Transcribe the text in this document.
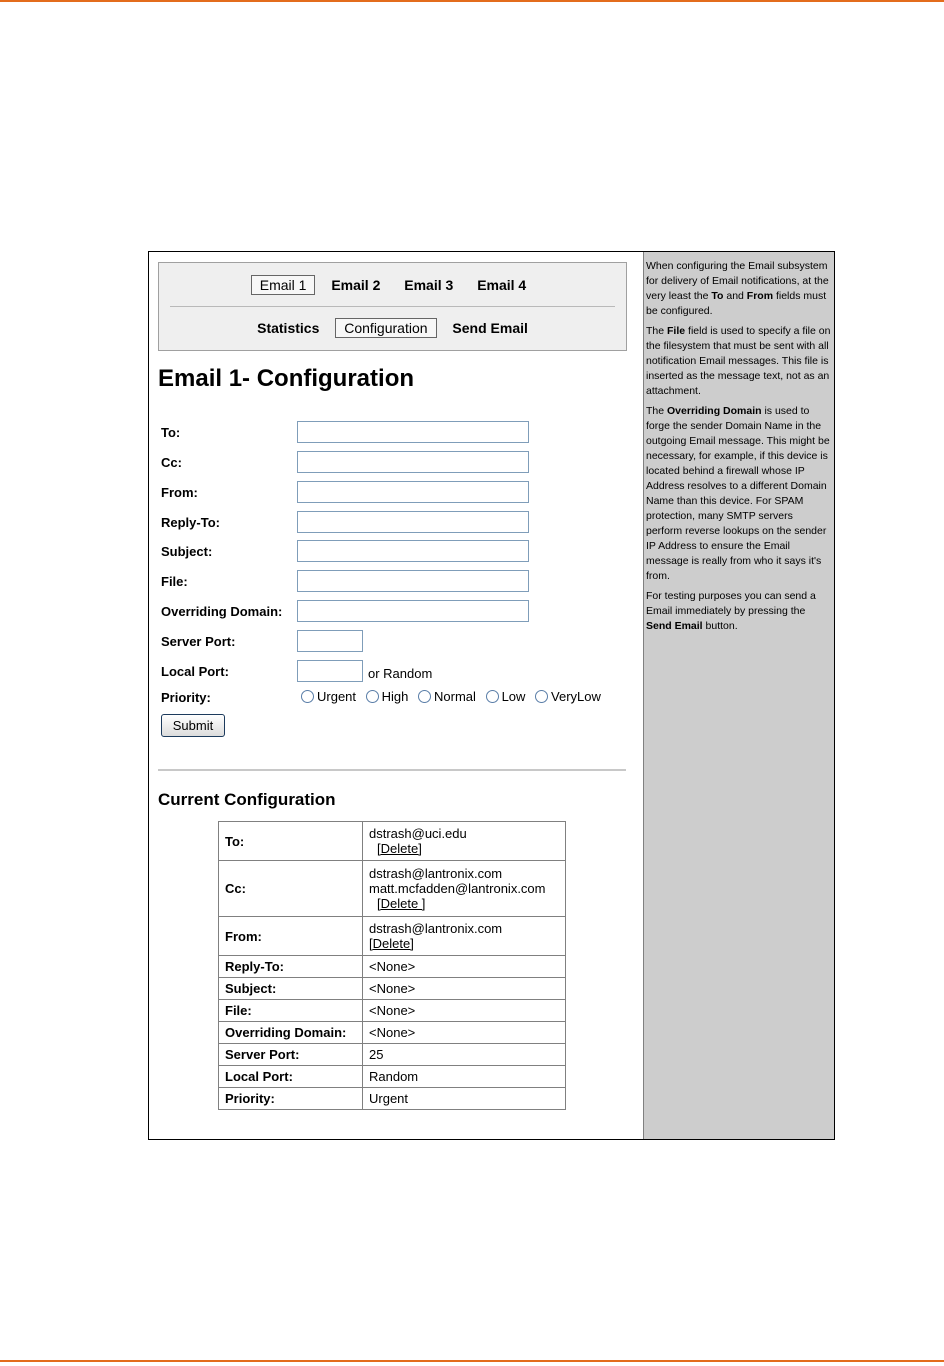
Email 1 Email 2 Email 3 Email 4
Statistics Configuration Send Email
Email 1- Configuration
To:
Cc:
From:
Reply-To:
Subject:
File:
Overriding Domain:
Server Port:
Local Port:	or Random
Priority:	Urgent High Normal Low VeryLow
Submit
Current Configuration
To:	dstrash@uci.edu
[Delete]

Cc:	dstrash@lantronix.com
matt.mcfadden@lantronix.com
[Delete ]

From:	dstrash@lantronix.com
[Delete]

Reply-To:	<None>
Subject:	<None>
File:	<None>
Overriding Domain:	<None>
Server Port:	25
Local Port:	Random
Priority:	Urgent

When configuring the Email subsystem for delivery of Email notifications, at the very least the To and From fields must be configured.

The File field is used to specify a file on the filesystem that must be sent with all notification Email messages. This file is inserted as the message text, not as an attachment.

The Overriding Domain is used to forge the sender Domain Name in the outgoing Email message. This might be necessary, for example, if this device is located behind a firewall whose IP Address resolves to a different Domain Name than this device. For SPAM protection, many SMTP servers perform reverse lookups on the sender IP Address to ensure the Email message is really from who it says it's from.

For testing purposes you can send a Email immediately by pressing the Send Email button.
